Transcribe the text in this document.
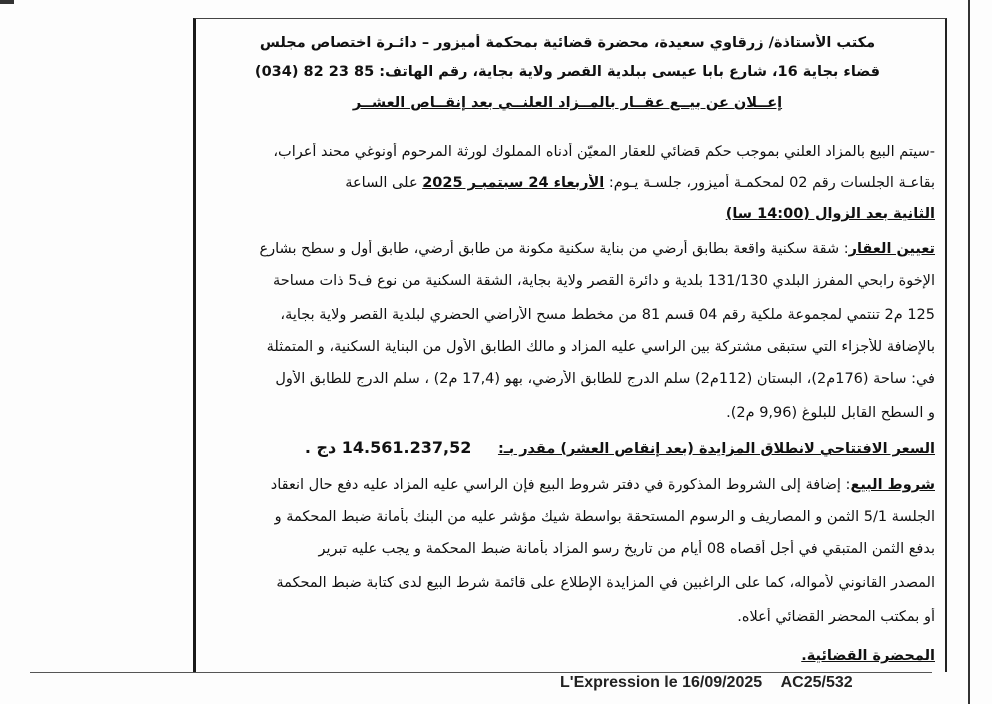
مكتب الأستاذة/ زرقاوي سعيدة، محضرة قضائية بمحكمة أميزور – دائـرة اختصاص مجلس
قضاء بجاية 16، شارع بابا عيسى ببلدية القصر ولاية بجاية، رقم الهاتف: 85 23 82 (034)
إعــلان عن بيــع عقــار بالمــزاد العلنــي بعد إنقــاص العشــر
-سيتم البيع بالمزاد العلني بموجب حكم قضائي للعقار المعيّن أدناه المملوك لورثة المرحوم أونوغي محند أعراب،
بقاعـة الجلسات رقم 02 لمحكمـة أميزور، جلسـة يـوم: الأربعاء 24 سبتمبـر 2025 على الساعة
الثانية بعد الزوال (14:00 سا)
تعيين العقار: شقة سكنية واقعة بطابق أرضي من بناية سكنية مكونة من طابق أرضي، طابق أول و سطح بشارع
الإخوة رابحي المفرز البلدي 131/130 بلدية و دائرة القصر ولاية بجاية، الشقة السكنية من نوع ف5 ذات مساحة
125 م2 تنتمي لمجموعة ملكية رقم 04 قسم 81 من مخطط مسح الأراضي الحضري لبلدية القصر ولاية بجاية،
بالإضافة للأجزاء التي ستبقى مشتركة بين الراسي عليه المزاد و مالك الطابق الأول من البناية السكنية، و المتمثلة
في: ساحة (176م2)، البستان (112م2) سلم الدرج للطابق الأرضي، بهو (17,4 م2) ، سلم الدرج للطابق الأول
و السطح القابل للبلوغ (9,96 م2).
السعر الافتتاحي لانطلاق المزايدة (بعد إنقاص العشر) مقدر بـ: 14.561.237,52 دج .
شروط البيع: إضافة إلى الشروط المذكورة في دفتر شروط البيع فإن الراسي عليه المزاد عليه دفع حال انعقاد
الجلسة 5/1 الثمن و المصاريف و الرسوم المستحقة بواسطة شيك مؤشر عليه من البنك بأمانة ضبط المحكمة و
بدفع الثمن المتبقي في أجل أقصاه 08 أيام من تاريخ رسو المزاد بأمانة ضبط المحكمة و يجب عليه تبرير
المصدر القانوني لأمواله، كما على الراغبين في المزايدة الإطلاع على قائمة شرط البيع لدى كتابة ضبط المحكمة
أو بمكتب المحضر القضائي أعلاه.
المحضرة القضائية.
L'Expression le 16/09/2025 AC25/532
